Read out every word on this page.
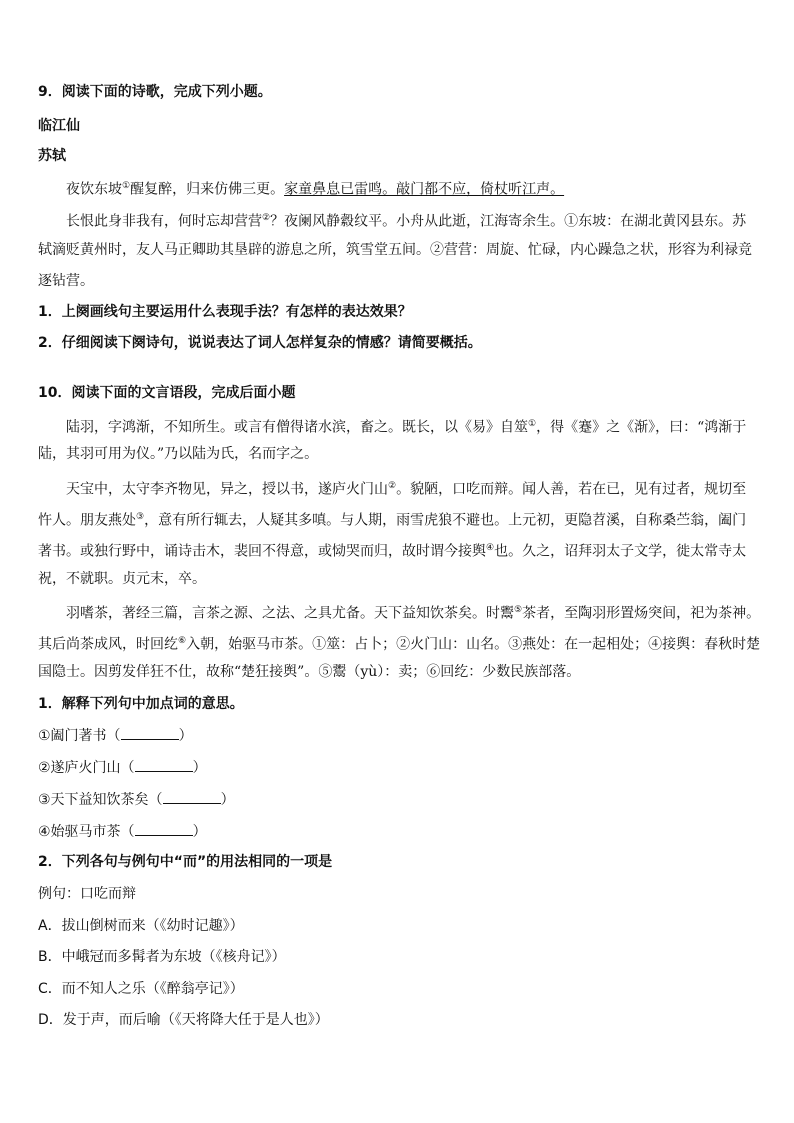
9．阅读下面的诗歌，完成下列小题。
临江仙
苏轼
夜饮东坡①醒复醉，归来仿佛三更。家童鼻息已雷鸣。敲门都不应，倚杖听江声。
长恨此身非我有，何时忘却营营②？夜阑风静縠纹平。小舟从此逝，江海寄余生。①东坡：在湖北黄冈县东。苏
轼滴贬黄州时，友人马正卿助其垦辟的游息之所，筑雪堂五间。②营营：周旋、忙碌，内心躁急之状，形容为利禄竞
逐钻营。
1．上阕画线句主要运用什么表现手法？有怎样的表达效果？
2．仔细阅读下阕诗句，说说表达了词人怎样复杂的情感？请简要概括。
10．阅读下面的文言语段，完成后面小题
陆羽，字鸿渐，不知所生。或言有僧得诸水滨，畜之。既长，以《易》自筮①，得《蹇》之《渐》，曰：“鸿渐于
陆，其羽可用为仪。”乃以陆为氏，名而字之。
天宝中，太守李齐物见，异之，授以书，遂庐火门山②。貌陋，口吃而辩。闻人善，若在已，见有过者，规切至
忤人。朋友燕处③，意有所行辄去，人疑其多嗔。与人期，雨雪虎狼不避也。上元初，更隐苕溪，自称桑苎翁，阖门
著书。或独行野中，诵诗击木，裴回不得意，或恸哭而归，故时谓今接舆④也。久之，诏拜羽太子文学，徙太常寺太
祝，不就职。贞元末，卒。
羽嗜茶，著经三篇，言茶之源、之法、之具尤备。天下益知饮茶矣。时鬻⑤茶者，至陶羽形置炀突间，祀为茶神。
其后尚茶成风，时回纥⑥入朝，始驱马市茶。①筮：占卜；②火门山：山名。③燕处：在一起相处；④接舆：春秋时楚
国隐士。因剪发佯狂不仕，故称“楚狂接舆”。⑤鬻（yù）：卖；⑥回纥：少数民族部落。
1．解释下列句中加点词的意思。
①阖门著书（	）
②遂庐火门山（	）
③天下益知饮茶矣（	）
④始驱马市茶（	）
2．下列各句与例句中“而”的用法相同的一项是
例句：口吃而辩
A．拔山倒树而来（《幼时记趣》）
B．中峨冠而多髯者为东坡（《核舟记》）
C．而不知人之乐（《醉翁亭记》）
D．发于声，而后喻（《天将降大任于是人也》）
